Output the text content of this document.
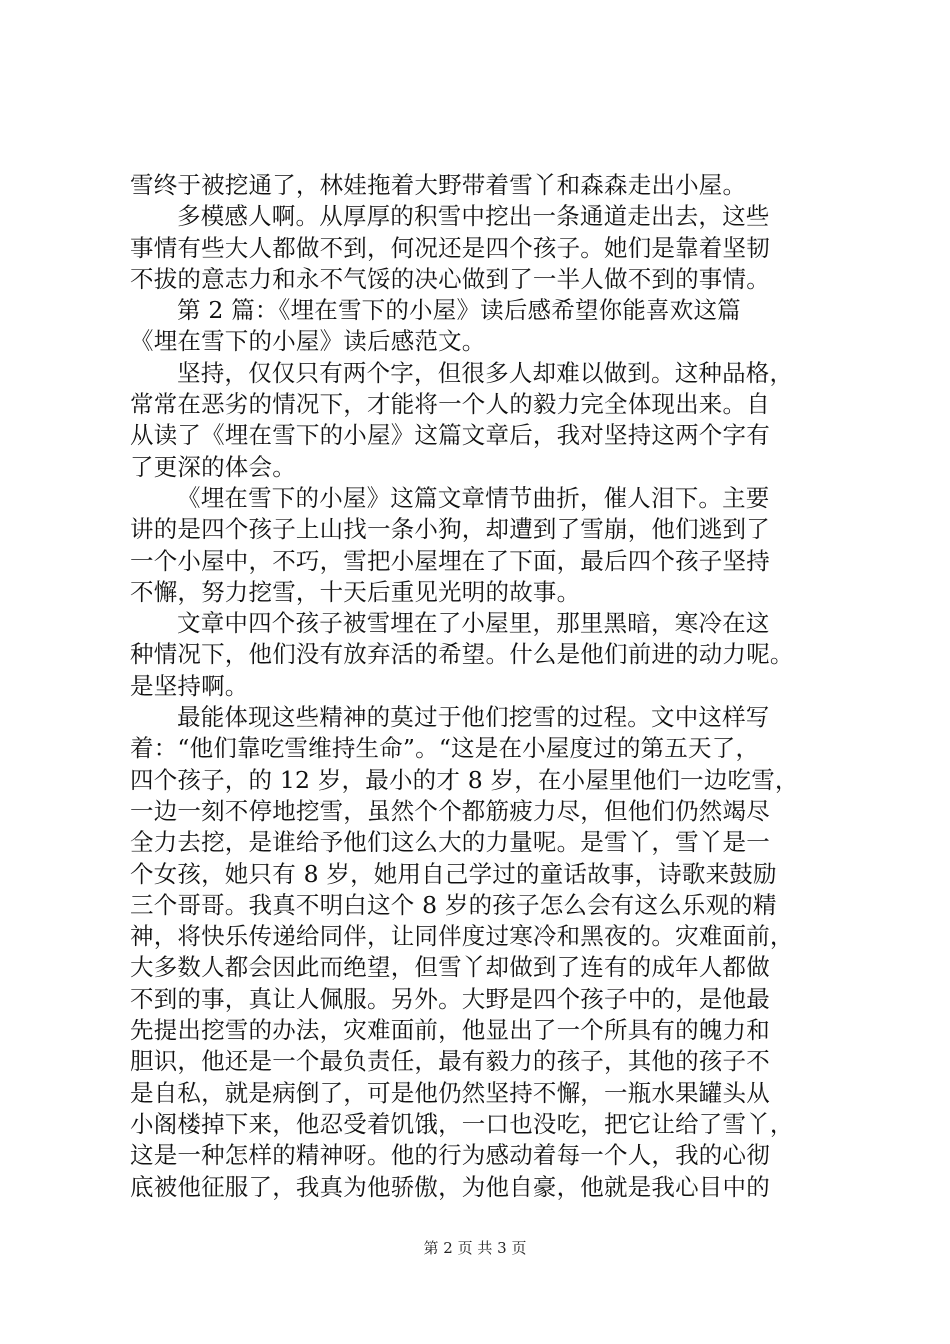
雪终于被挖通了，林娃拖着大野带着雪丫和森森走出小屋。
多模感人啊。从厚厚的积雪中挖出一条通道走出去，这些
事情有些大人都做不到，何况还是四个孩子。她们是靠着坚韧
不拔的意志力和永不气馁的决心做到了一半人做不到的事情。
第 2 篇：《埋在雪下的小屋》读后感希望你能喜欢这篇
《埋在雪下的小屋》读后感范文。
坚持，仅仅只有两个字，但很多人却难以做到。这种品格，
常常在恶劣的情况下，才能将一个人的毅力完全体现出来。自
从读了《埋在雪下的小屋》这篇文章后，我对坚持这两个字有
了更深的体会。
《埋在雪下的小屋》这篇文章情节曲折，催人泪下。主要
讲的是四个孩子上山找一条小狗，却遭到了雪崩，他们逃到了
一个小屋中，不巧，雪把小屋埋在了下面，最后四个孩子坚持
不懈，努力挖雪，十天后重见光明的故事。
文章中四个孩子被雪埋在了小屋里，那里黑暗，寒冷在这
种情况下，他们没有放弃活的希望。什么是他们前进的动力呢。
是坚持啊。
最能体现这些精神的莫过于他们挖雪的过程。文中这样写
着：“他们靠吃雪维持生命”。“这是在小屋度过的第五天了，
四个孩子，的 12 岁，最小的才 8 岁，在小屋里他们一边吃雪，
一边一刻不停地挖雪，虽然个个都筋疲力尽，但他们仍然竭尽
全力去挖，是谁给予他们这么大的力量呢。是雪丫，雪丫是一
个女孩，她只有 8 岁，她用自己学过的童话故事，诗歌来鼓励
三个哥哥。我真不明白这个 8 岁的孩子怎么会有这么乐观的精
神，将快乐传递给同伴，让同伴度过寒冷和黑夜的。灾难面前，
大多数人都会因此而绝望，但雪丫却做到了连有的成年人都做
不到的事，真让人佩服。另外。大野是四个孩子中的，是他最
先提出挖雪的办法，灾难面前，他显出了一个所具有的魄力和
胆识，他还是一个最负责任，最有毅力的孩子，其他的孩子不
是自私，就是病倒了，可是他仍然坚持不懈，一瓶水果罐头从
小阁楼掉下来，他忍受着饥饿，一口也没吃，把它让给了雪丫，
这是一种怎样的精神呀。他的行为感动着每一个人，我的心彻
底被他征服了，我真为他骄傲，为他自豪，他就是我心目中的
第 2 页 共 3 页
